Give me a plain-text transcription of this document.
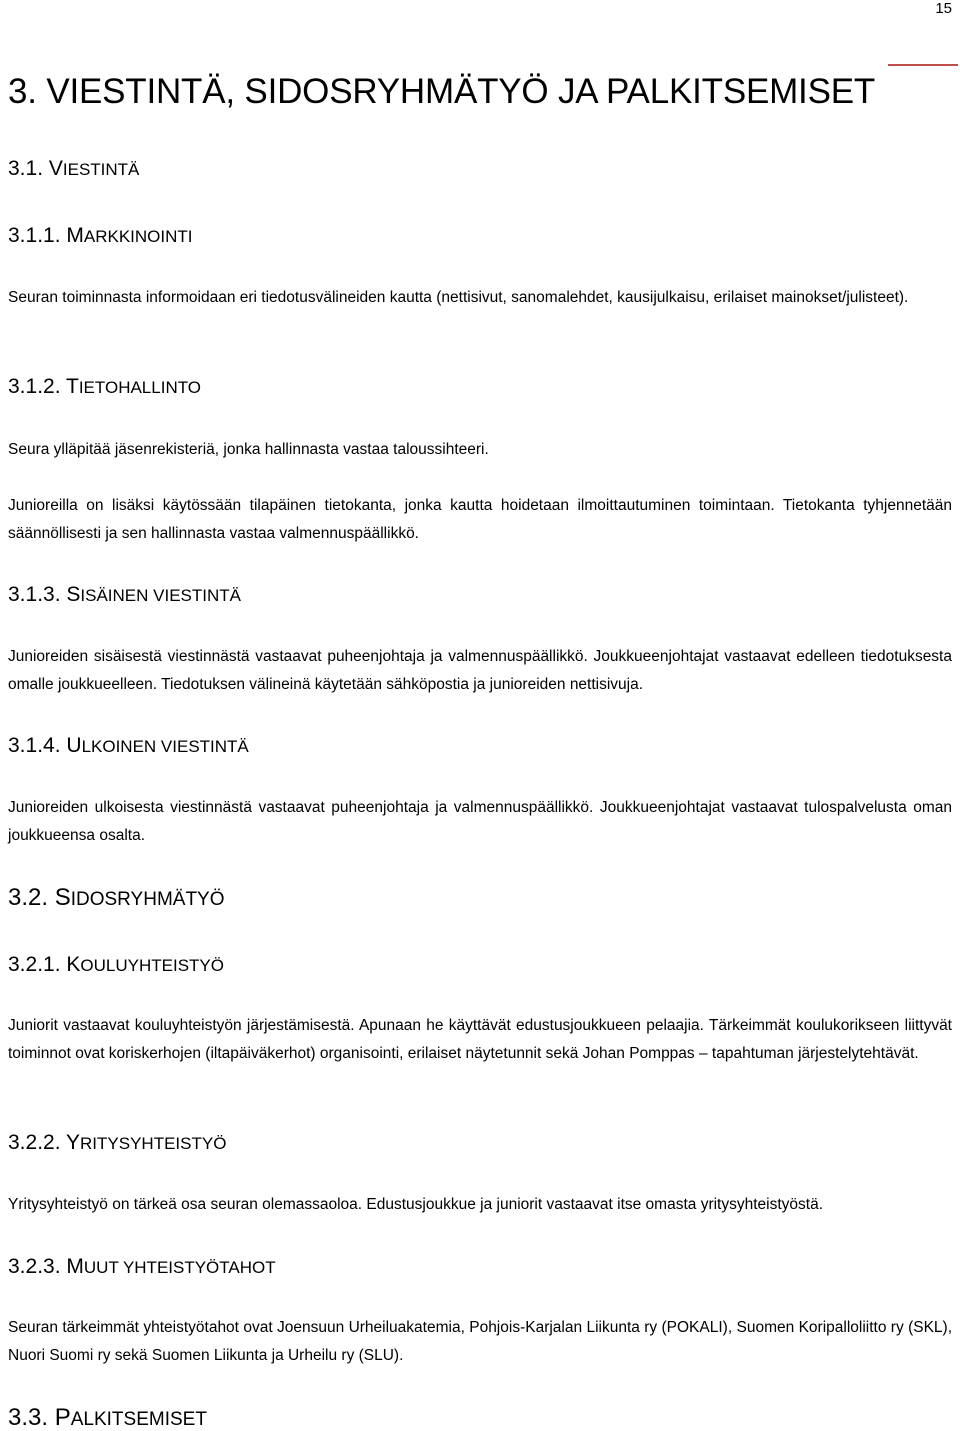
15
3. VIESTINTÄ, SIDOSRYHMÄTYÖ JA PALKITSEMISET
3.1. VIESTINTÄ
3.1.1. MARKKINOINTI
Seuran toiminnasta informoidaan eri tiedotusvälineiden kautta (nettisivut, sanomalehdet, kausijulkaisu, erilaiset mainokset/julisteet).
3.1.2. TIETOHALLINTO
Seura ylläpitää jäsenrekisteriä, jonka hallinnasta vastaa taloussihteeri.
Junioreilla on lisäksi käytössään tilapäinen tietokanta, jonka kautta hoidetaan ilmoittautuminen toimintaan. Tietokanta tyhjennetään säännöllisesti ja sen hallinnasta vastaa valmennuspäällikkö.
3.1.3. SISÄINEN VIESTINTÄ
Junioreiden sisäisestä viestinnästä vastaavat puheenjohtaja ja valmennuspäällikkö. Joukkueenjohtajat vastaavat edelleen tiedotuksesta omalle joukkueelleen. Tiedotuksen välineinä käytetään sähköpostia ja junioreiden nettisivuja.
3.1.4. ULKOINEN VIESTINTÄ
Junioreiden ulkoisesta viestinnästä vastaavat puheenjohtaja ja valmennuspäällikkö. Joukkueenjohtajat vastaavat tulospalvelusta oman joukkueensa osalta.
3.2. SIDOSRYHMÄTYÖ
3.2.1. KOULUYHTEISTYÖ
Juniorit vastaavat kouluyhteistyön järjestämisestä. Apunaan he käyttävät edustusjoukkueen pelaajia. Tärkeimmät koulukorikseen liittyvät toiminnot ovat koriskerhojen (iltapäiväkerhot) organisointi, erilaiset näytetunnit sekä Johan Pomppas – tapahtuman järjestelytehtävät.
3.2.2. YRITYSYHTEISTYÖ
Yritysyhteistyö on tärkeä osa seuran olemassaoloa. Edustusjoukkue ja juniorit vastaavat itse omasta yritysyhteistyöstä.
3.2.3. MUUT YHTEISTYÖTAHOT
Seuran tärkeimmät yhteistyötahot ovat Joensuun Urheiluakatemia, Pohjois-Karjalan Liikunta ry (POKALI), Suomen Koripalloliitto ry (SKL), Nuori Suomi ry sekä Suomen Liikunta ja Urheilu ry (SLU).
3.3. PALKITSEMISET
